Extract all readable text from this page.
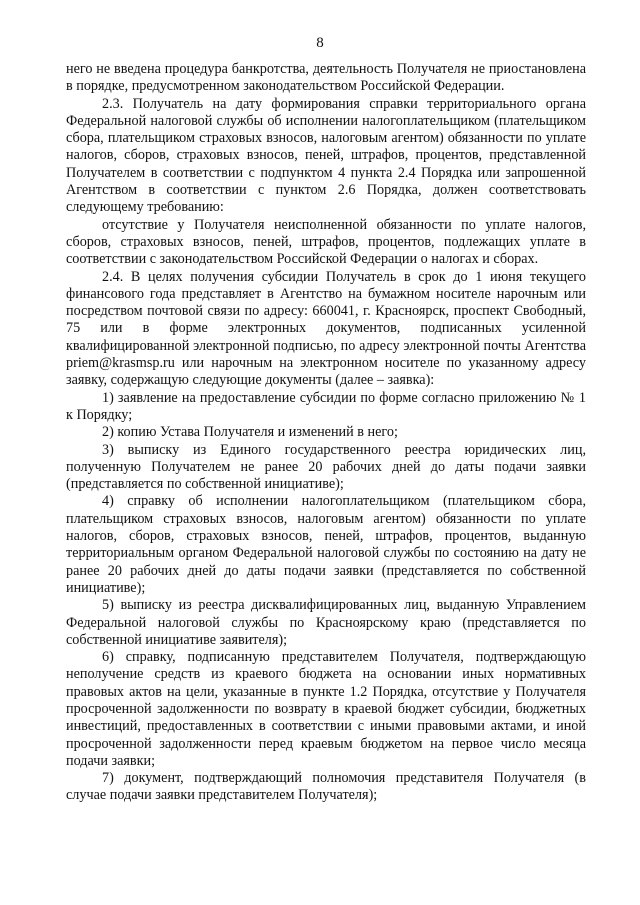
8

него не введена процедура банкротства, деятельность Получателя не приостановлена в порядке, предусмотренном законодательством Российской Федерации.

2.3. Получатель на дату формирования справки территориального органа Федеральной налоговой службы об исполнении налогоплательщиком (плательщиком сбора, плательщиком страховых взносов, налоговым агентом) обязанности по уплате налогов, сборов, страховых взносов, пеней, штрафов, процентов, представленной Получателем в соответствии с подпунктом 4 пункта 2.4 Порядка или запрошенной Агентством в соответствии с пунктом 2.6 Порядка, должен соответствовать следующему требованию:

отсутствие у Получателя неисполненной обязанности по уплате налогов, сборов, страховых взносов, пеней, штрафов, процентов, подлежащих уплате в соответствии с законодательством Российской Федерации о налогах и сборах.

2.4. В целях получения субсидии Получатель в срок до 1 июня текущего финансового года представляет в Агентство на бумажном носителе нарочным или посредством почтовой связи по адресу: 660041, г. Красноярск, проспект Свободный, 75 или в форме электронных документов, подписанных усиленной квалифицированной электронной подписью, по адресу электронной почты Агентства priem@krasmsp.ru или нарочным на электронном носителе по указанному адресу заявку, содержащую следующие документы (далее – заявка):

1) заявление на предоставление субсидии по форме согласно приложению № 1 к Порядку;

2) копию Устава Получателя и изменений в него;

3) выписку из Единого государственного реестра юридических лиц, полученную Получателем не ранее 20 рабочих дней до даты подачи заявки (представляется по собственной инициативе);

4) справку об исполнении налогоплательщиком (плательщиком сбора, плательщиком страховых взносов, налоговым агентом) обязанности по уплате налогов, сборов, страховых взносов, пеней, штрафов, процентов, выданную территориальным органом Федеральной налоговой службы по состоянию на дату не ранее 20 рабочих дней до даты подачи заявки (представляется по собственной инициативе);

5) выписку из реестра дисквалифицированных лиц, выданную Управлением Федеральной налоговой службы по Красноярскому краю (представляется по собственной инициативе заявителя);

6) справку, подписанную представителем Получателя, подтверждающую неполучение средств из краевого бюджета на основании иных нормативных правовых актов на цели, указанные в пункте 1.2 Порядка, отсутствие у Получателя просроченной задолженности по возврату в краевой бюджет субсидии, бюджетных инвестиций, предоставленных в соответствии с иными правовыми актами, и иной просроченной задолженности перед краевым бюджетом на первое число месяца подачи заявки;

7) документ, подтверждающий полномочия представителя Получателя (в случае подачи заявки представителем Получателя);
